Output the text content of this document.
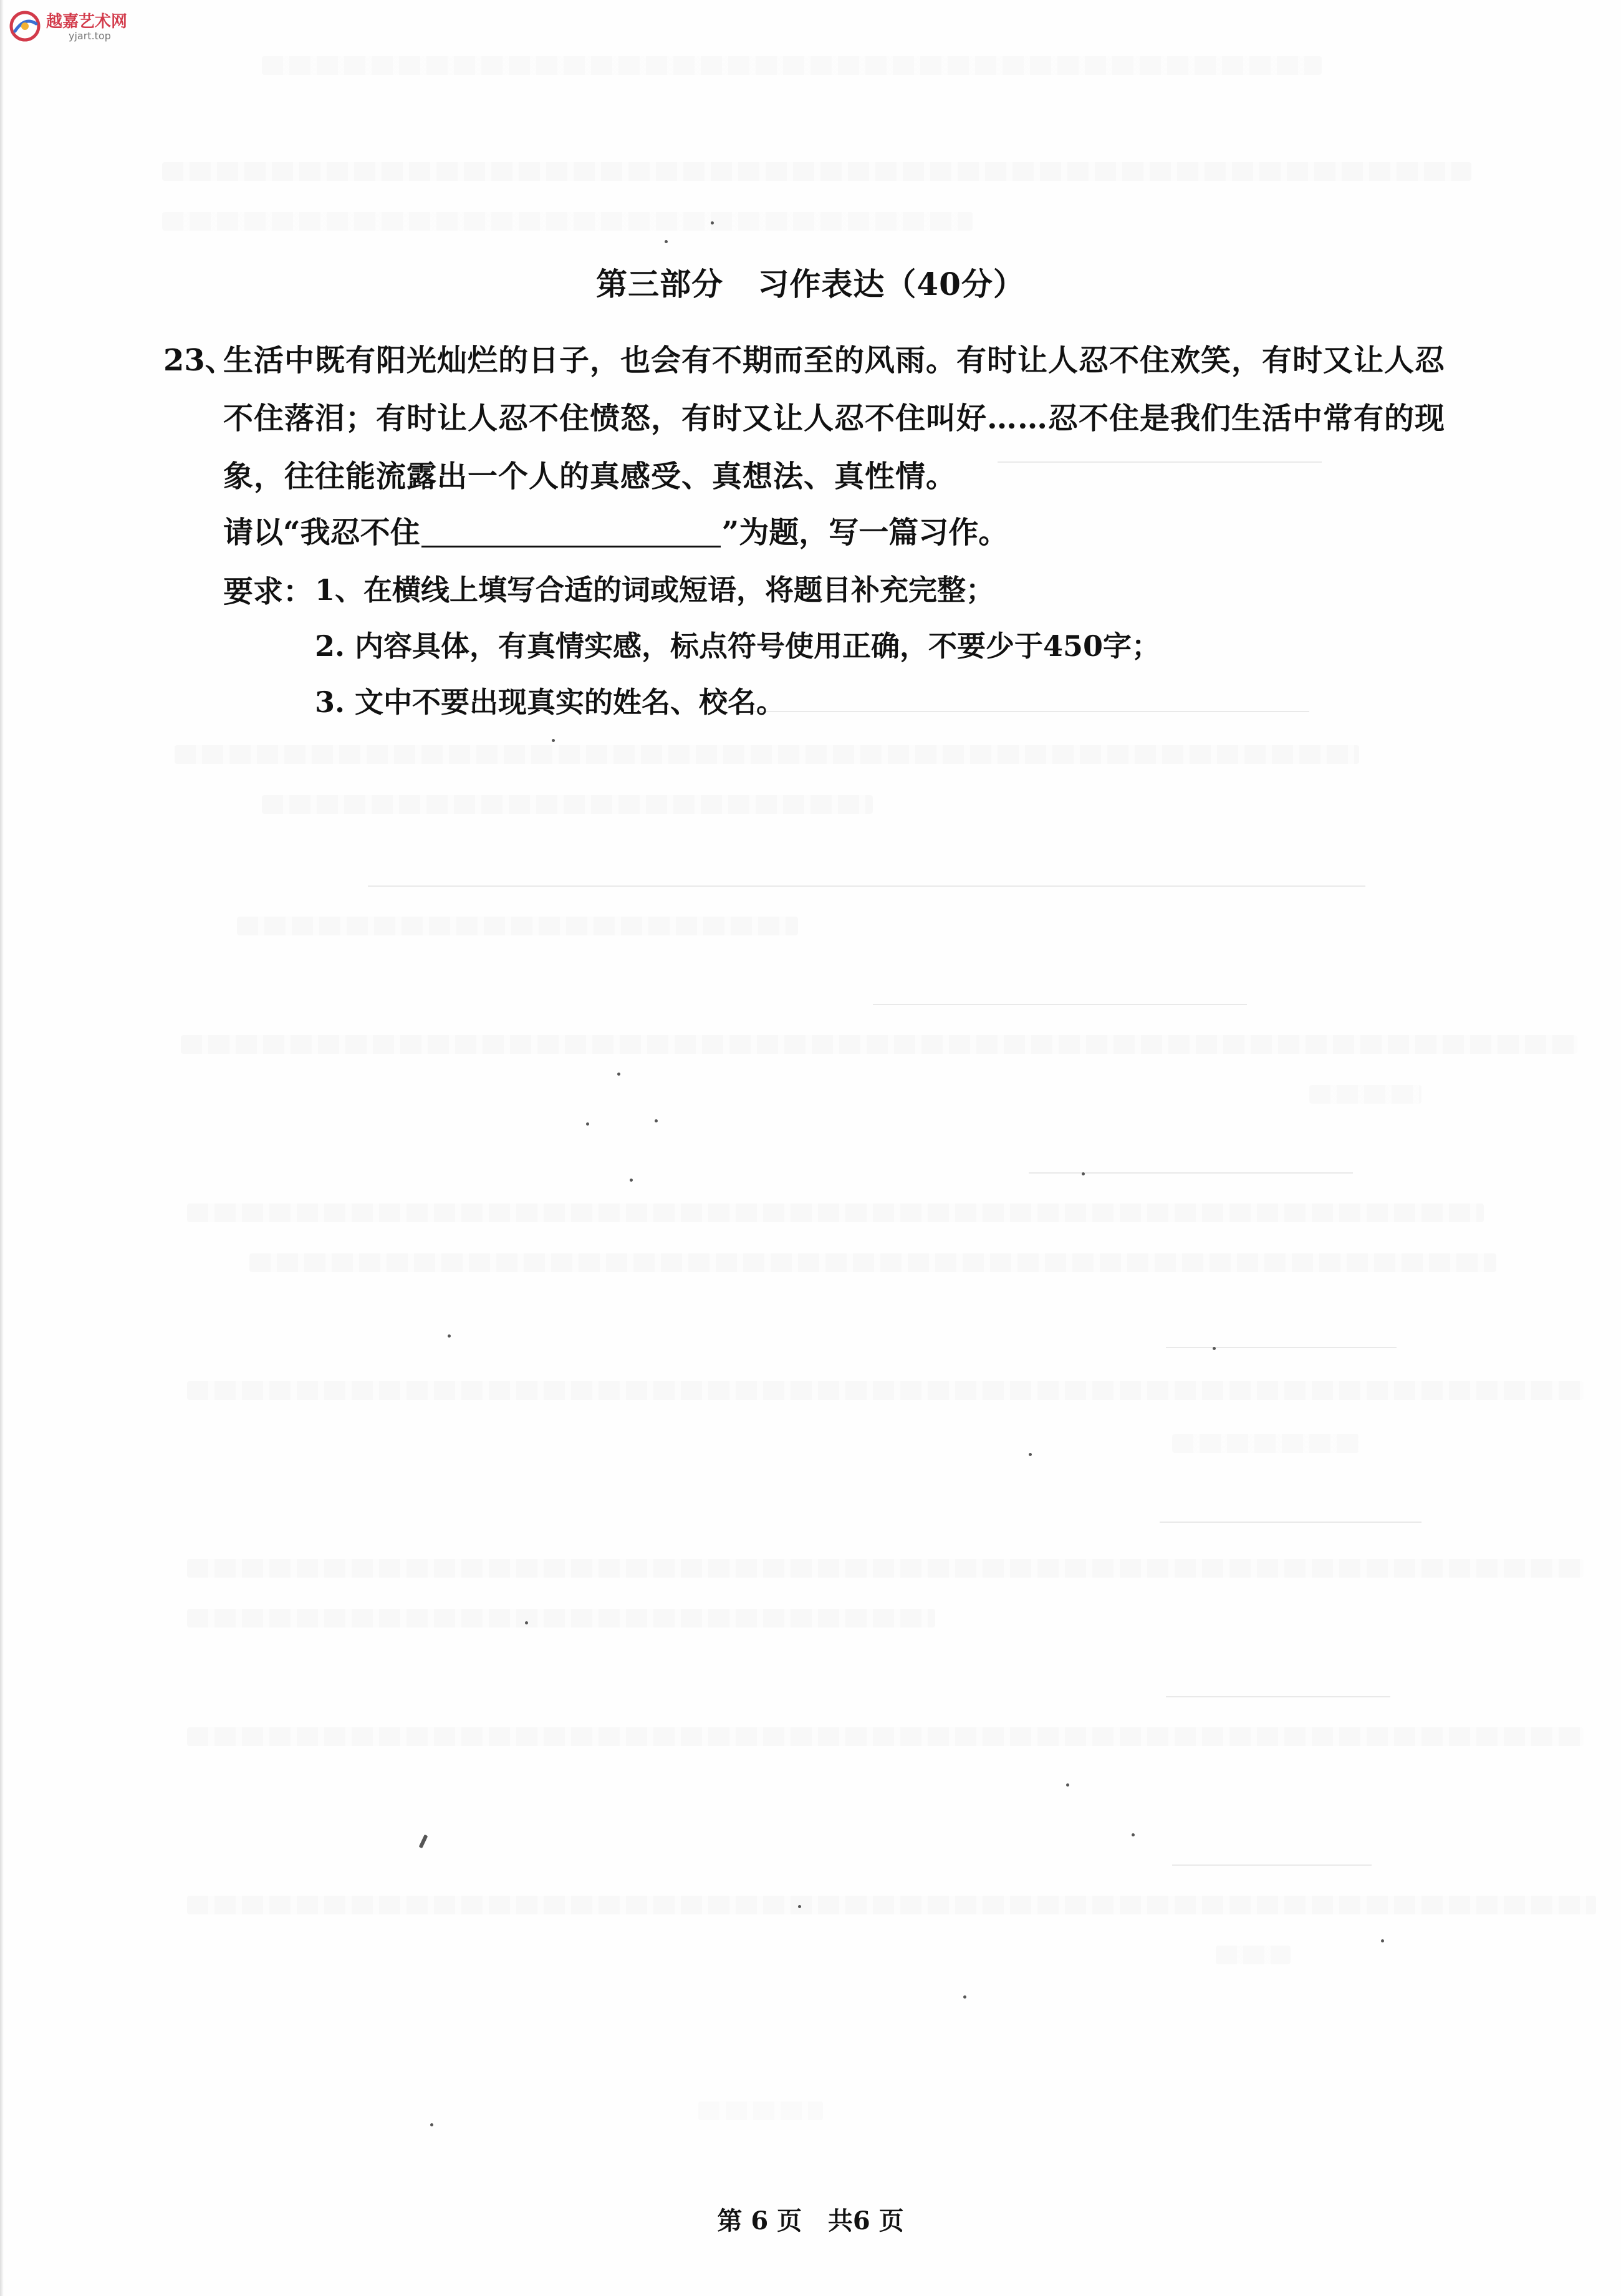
越嘉艺术网
yjart.top
第三部分   习作表达（40分）
23、
生活中既有阳光灿烂的日子，也会有不期而至的风雨。有时让人忍不住欢笑，有时又让人忍
不住落泪；有时让人忍不住愤怒，有时又让人忍不住叫好……忍不住是我们生活中常有的现
象，往往能流露出一个人的真感受、真想法、真性情。
请以“我忍不住	”为题，写一篇习作。
要求： 1、在横线上填写合适的词或短语，将题目补充完整；
2. 内容具体，有真情实感，标点符号使用正确，不要少于450字；
3. 文中不要出现真实的姓名、校名。
第 6 页   共6 页
